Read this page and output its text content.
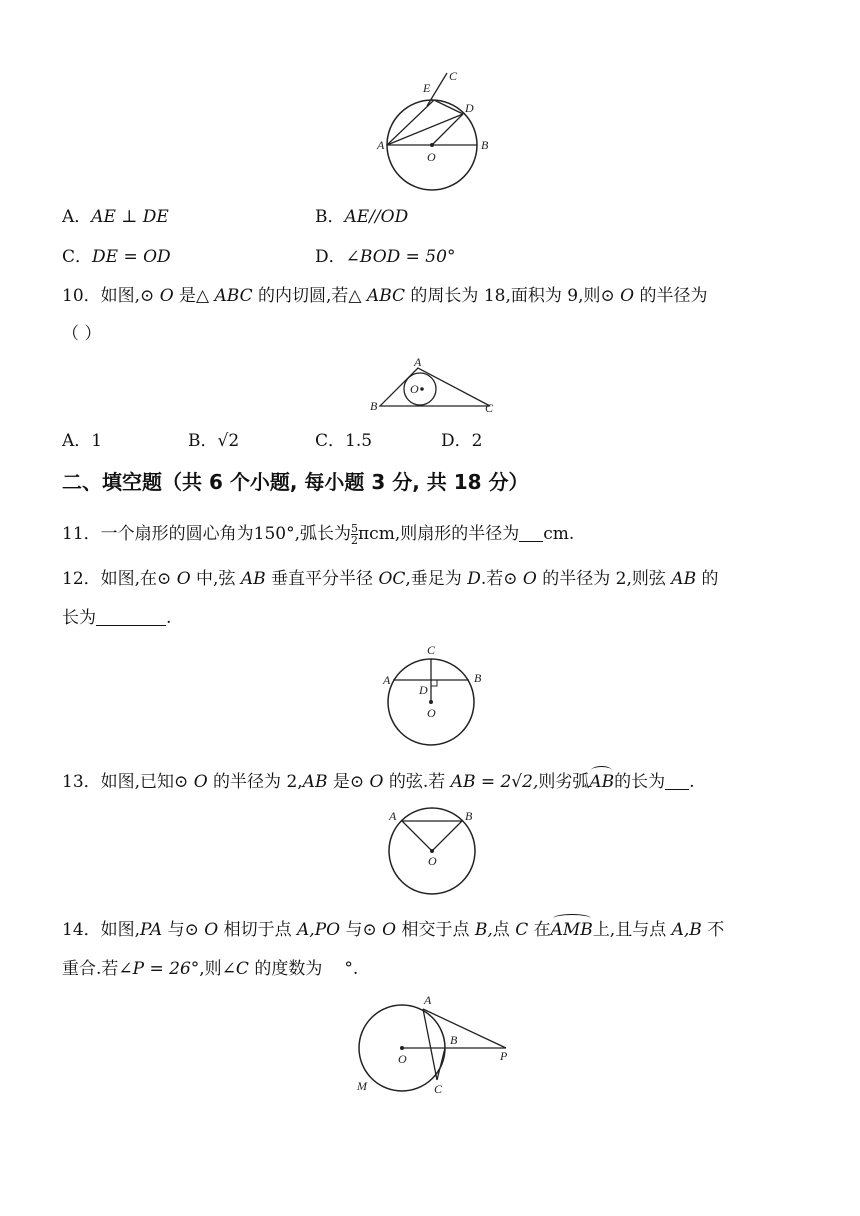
E
C
D
A
O
B
A．AE ⊥ DE	B．AE//OD
C．DE = OD	D．∠BOD = 50°
10．如图,⊙ O 是△ ABC 的内切圆,若△ ABC 的周长为 18,面积为 9,则⊙ O 的半径为
（ ）
A
O
B	C
A．1	B．√2	C．1.5	D．2
二、填空题（共 6 个小题, 每小题 3 分, 共 18 分）
11．一个扇形的圆心角为150°,弧长为 $\frac{5}{2} \pi cm$,则扇形的半径为 cm.
12．如图,在⊙ O 中,弦 AB 垂直平分半径 OC,垂足为 D.若⊙ O 的半径为 2,则弦 AB 的
长为	.
C
A	B
D
O
13．如图,已知⊙ O 的半径为 2,AB 是⊙ O 的弦.若 AB = 2√2,则劣弧AB的长为 .
A	B
O
14．如图,PA 与⊙ O 相切于点 A,PO 与⊙ O 相交于点 B,点 C 在AMB上,且与点 A,B 不
重合.若∠P = 26°,则∠C 的度数为 °.
A
B
O	P
M	C
